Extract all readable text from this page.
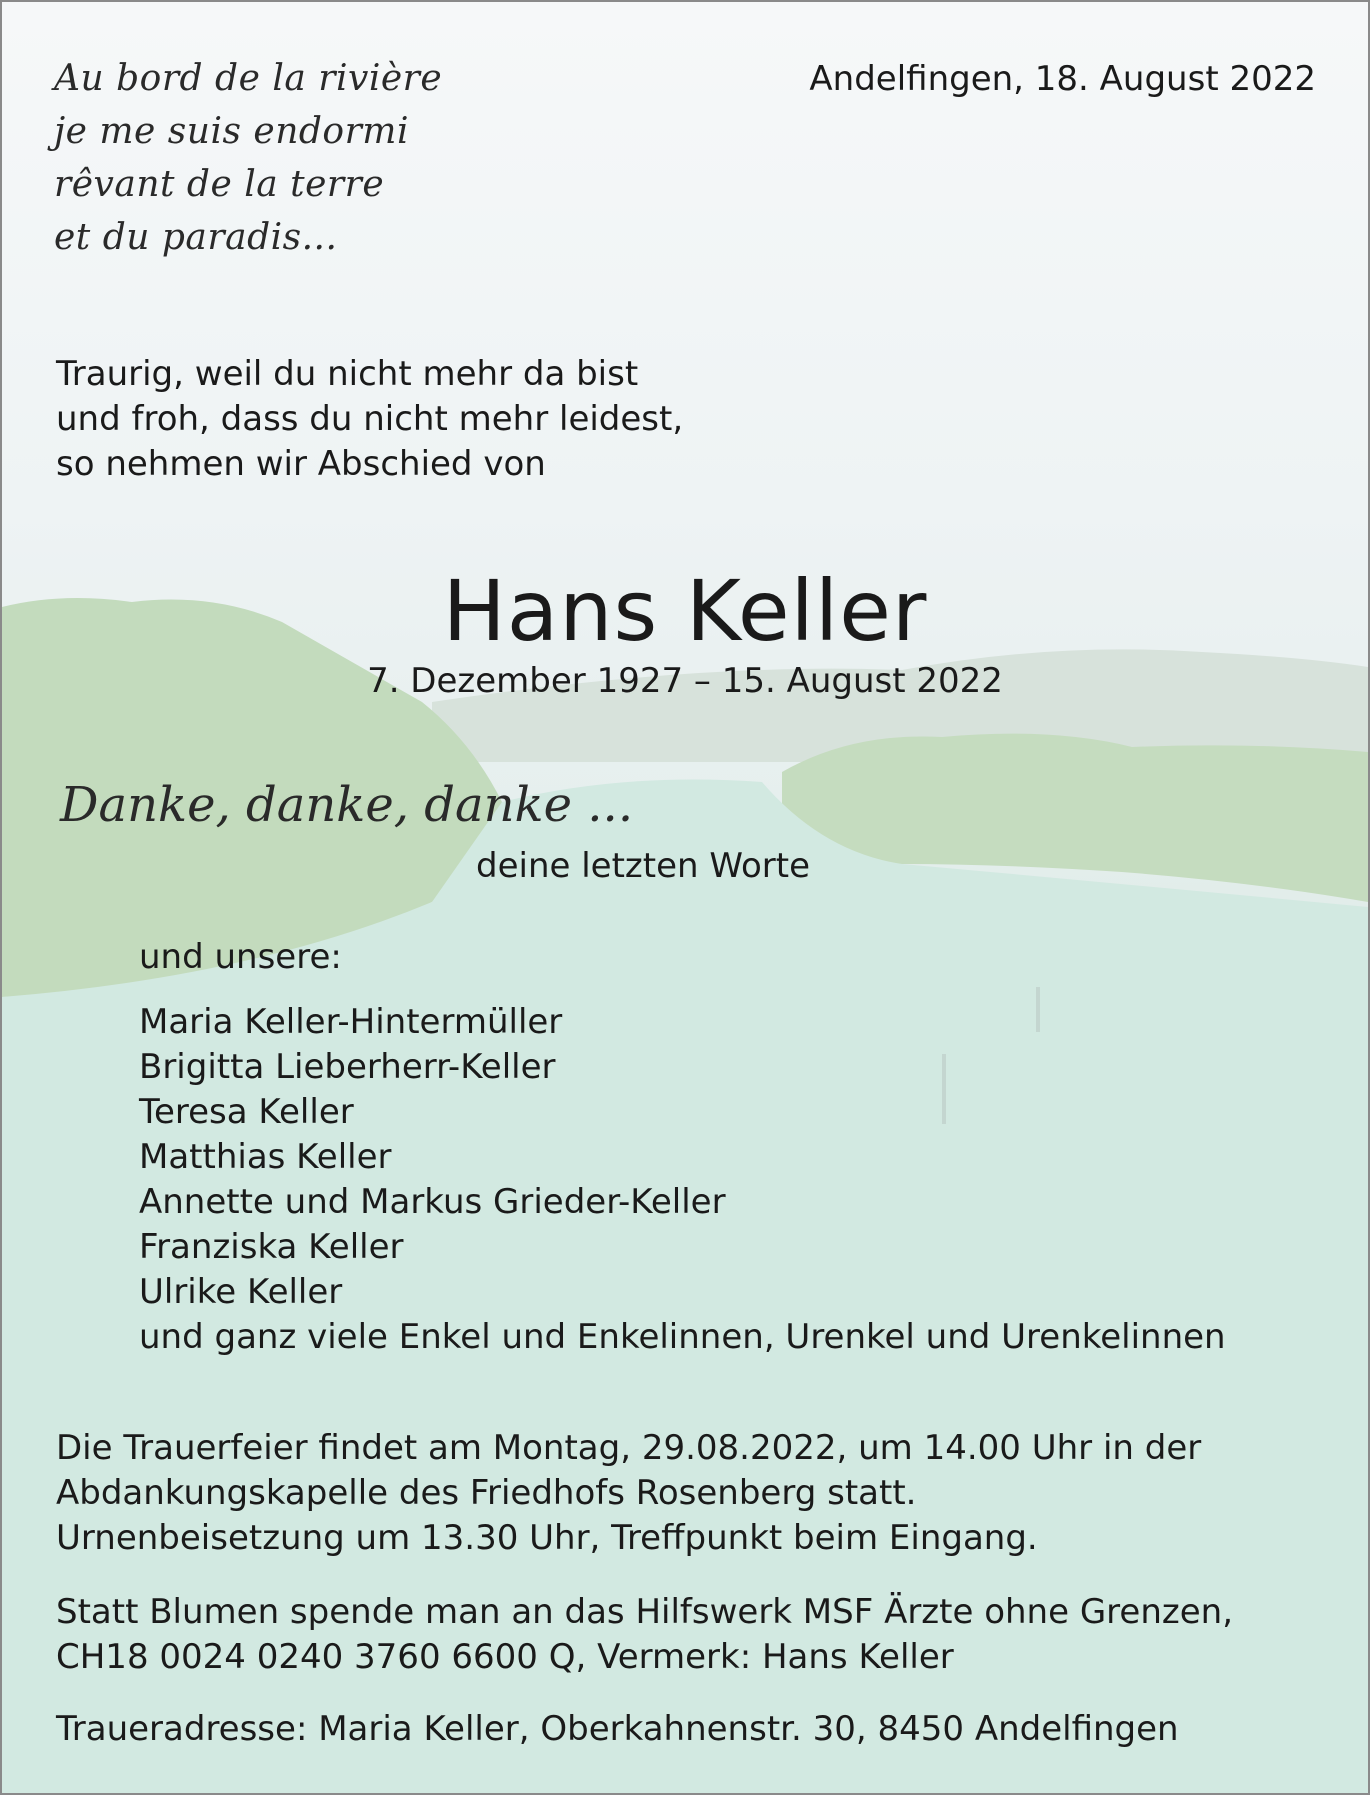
Au bord de la rivière
je me suis endormi
rêvant de la terre
et du paradis...
Andelfingen, 18. August 2022
Traurig, weil du nicht mehr da bist
und froh, dass du nicht mehr leidest,
so nehmen wir Abschied von
Hans Keller
7. Dezember 1927 – 15. August 2022
Danke, danke, danke ...
deine letzten Worte
und unsere:
Maria Keller-Hintermüller
Brigitta Lieberherr-Keller
Teresa Keller
Matthias Keller
Annette und Markus Grieder-Keller
Franziska Keller
Ulrike Keller
und ganz viele Enkel und Enkelinnen, Urenkel und Urenkelinnen
Die Trauerfeier findet am Montag, 29.08.2022, um 14.00 Uhr in der
Abdankungskapelle des Friedhofs Rosenberg statt.
Urnenbeisetzung um 13.30 Uhr, Treffpunkt beim Eingang.
Statt Blumen spende man an das Hilfswerk MSF Ärzte ohne Grenzen,
CH18 0024 0240 3760 6600 Q, Vermerk: Hans Keller
Traueradresse: Maria Keller, Oberkahnenstr. 30, 8450 Andelfingen
